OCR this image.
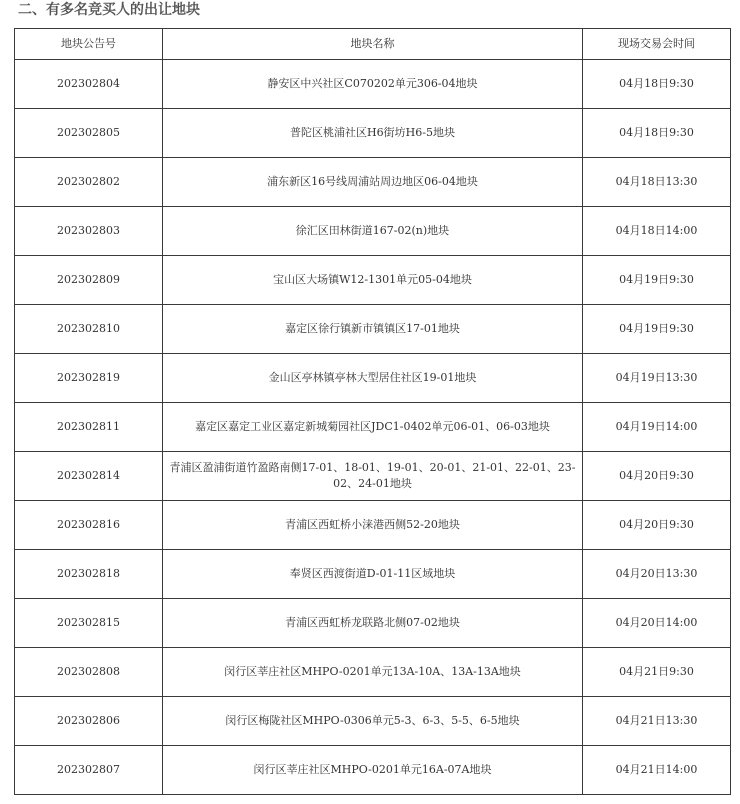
二、有多名竞买人的出让地块
地块公告号	地块名称	现场交易会时间
202302804	静安区中兴社区C070202单元306-04地块	04月18日9:30
202302805	普陀区桃浦社区H6街坊H6-5地块	04月18日9:30
202302802	浦东新区16号线周浦站周边地区06-04地块	04月18日13:30
202302803	徐汇区田林街道167-02(n)地块	04月18日14:00
202302809	宝山区大场镇W12-1301单元05-04地块	04月19日9:30
202302810	嘉定区徐行镇新市镇镇区17-01地块	04月19日9:30
202302819	金山区亭林镇亭林大型居住社区19-01地块	04月19日13:30
202302811	嘉定区嘉定工业区嘉定新城菊园社区JDC1-0402单元06-01、06-03地块	04月19日14:00
202302814	青浦区盈浦街道竹盈路南侧17-01、18-01、19-01、20-01、21-01、22-01、23-02、24-01地块	04月20日9:30
202302816	青浦区西虹桥小涞港西侧52-20地块	04月20日9:30
202302818	奉贤区西渡街道D-01-11区域地块	04月20日13:30
202302815	青浦区西虹桥龙联路北侧07-02地块	04月20日14:00
202302808	闵行区莘庄社区MHPO-0201单元13A-10A、13A-13A地块	04月21日9:30
202302806	闵行区梅陇社区MHPO-0306单元5-3、6-3、5-5、6-5地块	04月21日13:30
202302807	闵行区莘庄社区MHPO-0201单元16A-07A地块	04月21日14:00
